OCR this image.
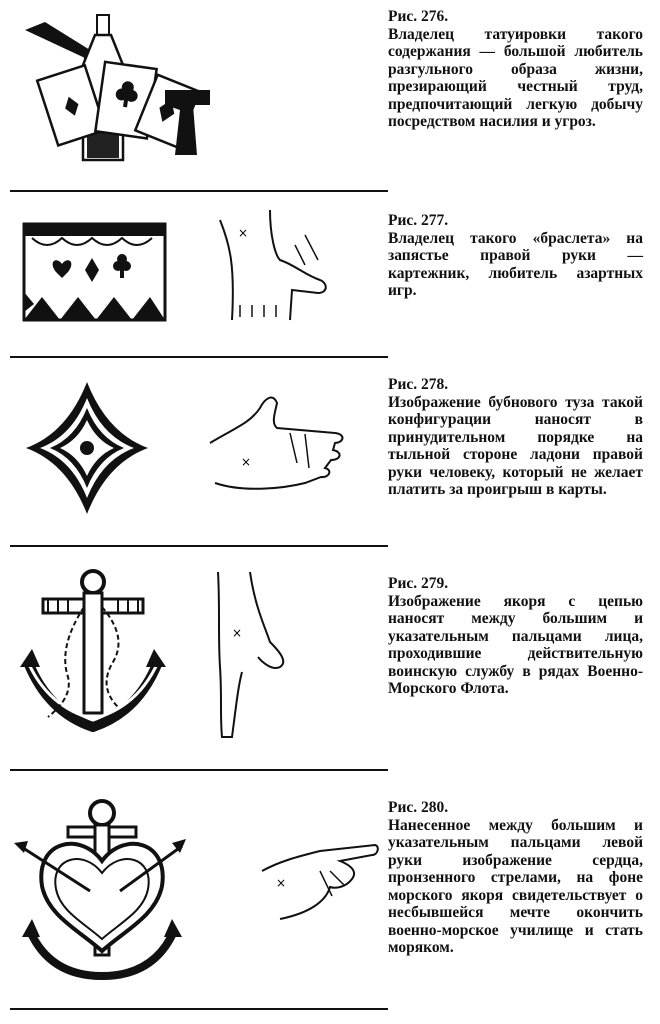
Рис. 276.
Владелец татуировки такого содержания — большой любитель разгульного образа жизни, презирающий честный труд, предпочитающий легкую добычу посредством насилия и угроз.
×
Рис. 277.
Владелец такого «браслета» на запястье правой руки — картежник, любитель азартных игр.
×
Рис. 278.
Изображение бубнового туза такой конфигурации наносят в принудительном порядке на тыльной стороне ладони правой руки человеку, который не желает платить за проигрыш в карты.
×
Рис. 279.
Изображение якоря с цепью наносят между большим и указательным пальцами лица, проходившие действительную воинскую службу в рядах Военно-Морского Флота.
×
Рис. 280.
Нанесенное между большим и указательным пальцами левой руки изображение сердца, пронзенного стрелами, на фоне морского якоря свидетельствует о несбывшейся мечте окончить военно-морское училище и стать моряком.
